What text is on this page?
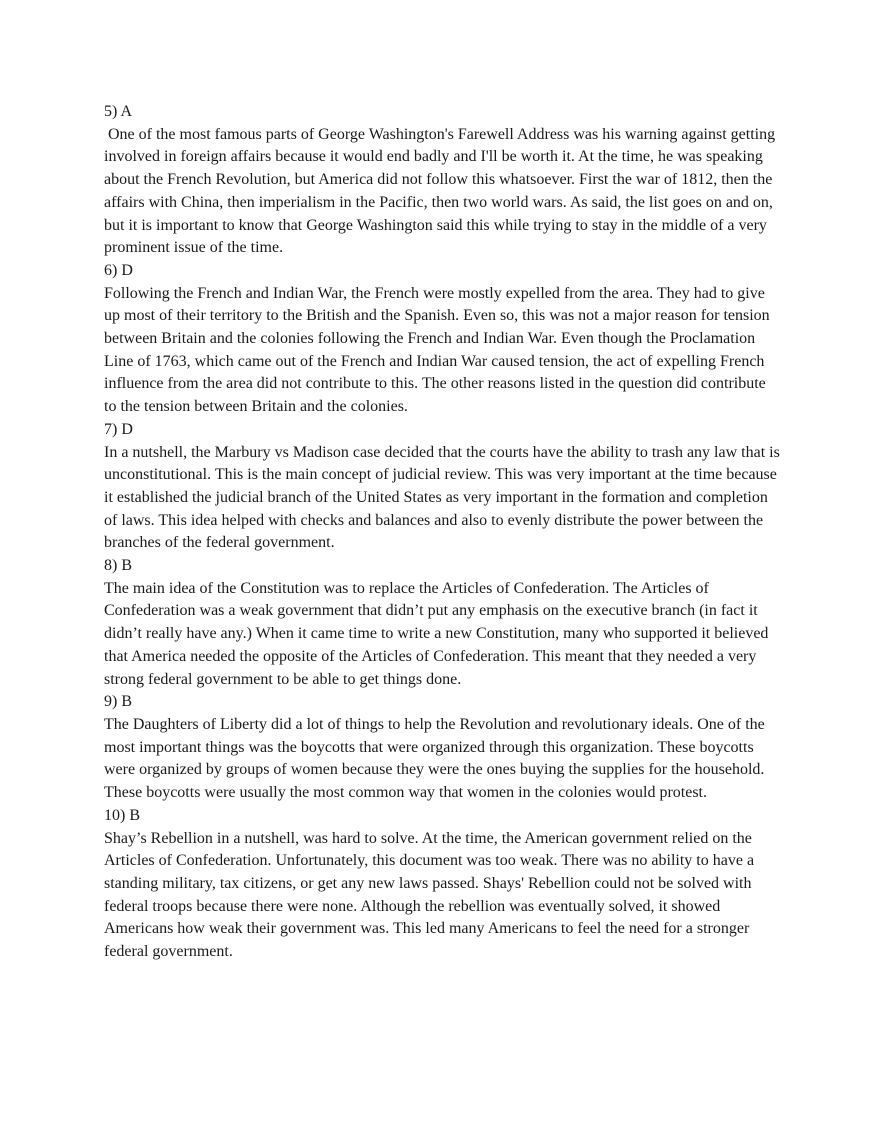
5) A

One of the most famous parts of George Washington's Farewell Address was his warning against getting involved in foreign affairs because it would end badly and I'll be worth it. At the time, he was speaking about the French Revolution, but America did not follow this whatsoever. First the war of 1812, then the affairs with China, then imperialism in the Pacific, then two world wars. As said, the list goes on and on, but it is important to know that George Washington said this while trying to stay in the middle of a very prominent issue of the time.

6) D

Following the French and Indian War, the French were mostly expelled from the area. They had to give up most of their territory to the British and the Spanish. Even so, this was not a major reason for tension between Britain and the colonies following the French and Indian War. Even though the Proclamation Line of 1763, which came out of the French and Indian War caused tension, the act of expelling French influence from the area did not contribute to this. The other reasons listed in the question did contribute to the tension between Britain and the colonies.

7) D

In a nutshell, the Marbury vs Madison case decided that the courts have the ability to trash any law that is unconstitutional. This is the main concept of judicial review. This was very important at the time because it established the judicial branch of the United States as very important in the formation and completion of laws. This idea helped with checks and balances and also to evenly distribute the power between the branches of the federal government.

8) B

The main idea of the Constitution was to replace the Articles of Confederation. The Articles of Confederation was a weak government that didn’t put any emphasis on the executive branch (in fact it didn’t really have any.) When it came time to write a new Constitution, many who supported it believed that America needed the opposite of the Articles of Confederation. This meant that they needed a very strong federal government to be able to get things done.

9) B

The Daughters of Liberty did a lot of things to help the Revolution and revolutionary ideals. One of the most important things was the boycotts that were organized through this organization. These boycotts were organized by groups of women because they were the ones buying the supplies for the household. These boycotts were usually the most common way that women in the colonies would protest.

10) B

Shay’s Rebellion in a nutshell, was hard to solve. At the time, the American government relied on the Articles of Confederation. Unfortunately, this document was too weak. There was no ability to have a standing military, tax citizens, or get any new laws passed. Shays' Rebellion could not be solved with federal troops because there were none. Although the rebellion was eventually solved, it showed Americans how weak their government was. This led many Americans to feel the need for a stronger federal government.
